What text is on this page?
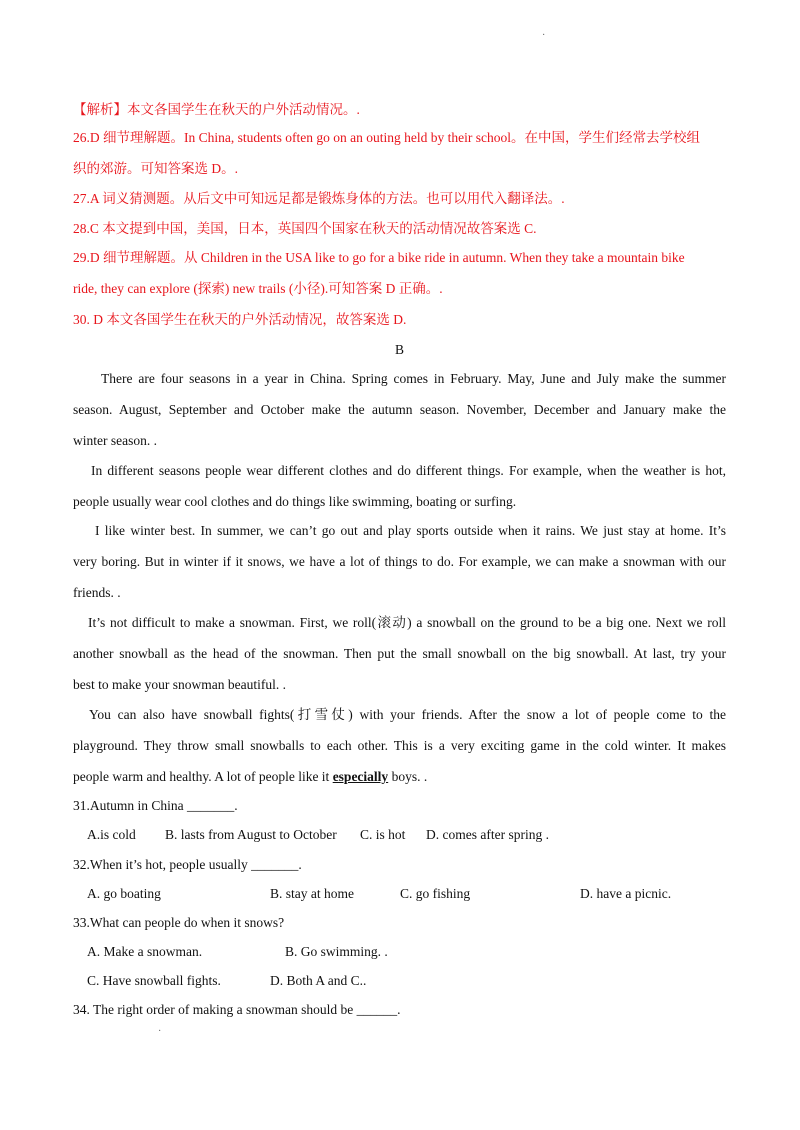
·
【解析】本文各国学生在秋天的户外活动情况。.
26.D 细节理解题。In China, students often go on an outing held by their school。在中国，学生们经常去学校组
织的郊游。可知答案选 D。.
27.A 词义猜测题。从后文中可知远足都是锻炼身体的方法。也可以用代入翻译法。.
28.C 本文提到中国，美国，日本，英国四个国家在秋天的活动情况故答案选 C.
29.D 细节理解题。从 Children in the USA like to go for a bike ride in autumn. When they take a mountain bike
ride, they can explore (探索) new trails (小径).可知答案 D 正确。.
30. D 本文各国学生在秋天的户外活动情况，故答案选 D.
B
There are four seasons in a year in China. Spring comes in February. May, June and July make the summer
season. August, September and October make the autumn season. November, December and January make the
winter season. .
In different seasons people wear different clothes and do different things. For example, when the weather is hot,
people usually wear cool clothes and do things like swimming, boating or surfing.
I like winter best. In summer, we can’t go out and play sports outside when it rains. We just stay at home. It’s
very boring. But in winter if it snows, we have a lot of things to do. For example, we can make a snowman with our
friends. .
It’s not difficult to make a snowman. First, we roll(滚动) a snowball on the ground to be a big one. Next we roll
another snowball as the head of the snowman. Then put the small snowball on the big snowball. At last, try your
best to make your snowman beautiful. .
You can also have snowball fights(打雪仗) with your friends. After the snow a lot of people come to the
playground. They throw small snowballs to each other. This is a very exciting game in the cold winter. It makes
people warm and healthy. A lot of people like it especially boys. .
31.Autumn in China _______.
A.is cold B. lasts from August to October C. is hot D. comes after spring .
32.When it’s hot, people usually _______.
A. go boating	B. stay at home	C. go fishing	D. have a picnic.
33.What can people do when it snows?
A. Make a snowman.	B. Go swimming. .
C. Have snowball fights.	D. Both A and C..
34. The right order of making a snowman should be ______.
·
